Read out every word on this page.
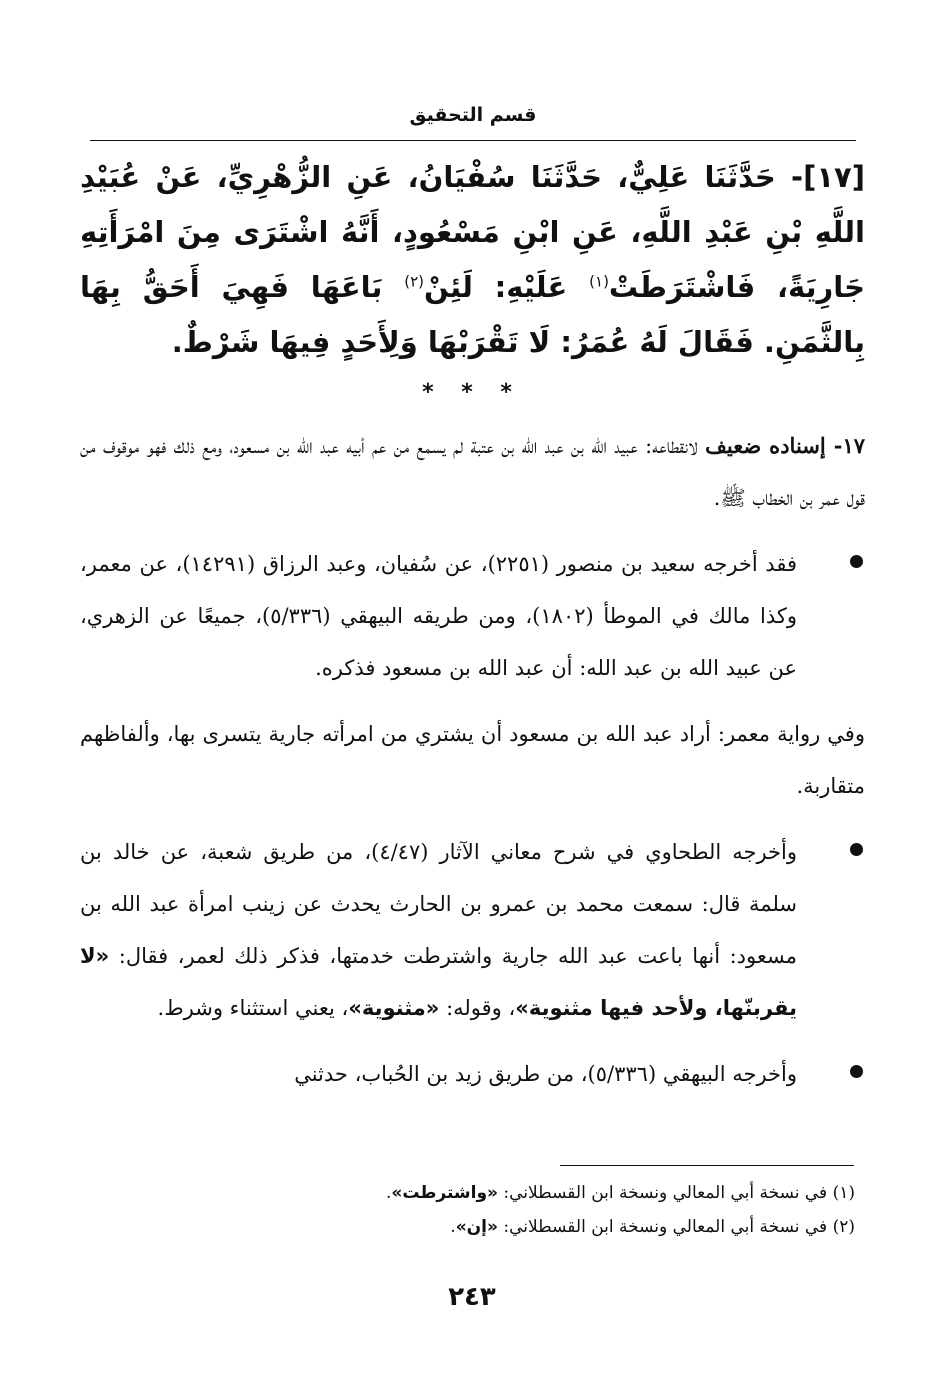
قسم التحقيق
[١٧]- حَدَّثَنَا عَلِيٌّ، حَدَّثَنَا سُفْيَانُ، عَنِ الزُّهْرِيِّ، عَنْ عُبَيْدِ اللَّهِ بْنِ عَبْدِ اللَّهِ، عَنِ ابْنِ مَسْعُودٍ، أَنَّهُ اشْتَرَى مِنَ امْرَأَتِهِ جَارِيَةً، فَاشْتَرَطَتْ$^{(١)}$ عَلَيْهِ: لَئِنْ$^{(٢)}$ بَاعَهَا فَهِيَ أَحَقُّ بِهَا بِالثَّمَنِ. فَقَالَ لَهُ عُمَرُ: لَا تَقْرَبْهَا وَلِأَحَدٍ فِيهَا شَرْطٌ.
* * *

١٧- إسناده ضعيف لانقطاعه: عبيد الله بن عبد الله بن عتبة لم يسمع من عم أبيه عبد الله بن مسعود، ومع ذلك فهو موقوف من قول عمر بن الخطاب ﷺ.

فقد أخرجه سعيد بن منصور (٢٢٥١)، عن سُفيان، وعبد الرزاق (١٤٢٩١)، عن معمر، وكذا مالك في الموطأ (١٨٠٢)، ومن طريقه البيهقي (٥/٣٣٦)، جميعًا عن الزهري، عن عبيد الله بن عبد الله: أن عبد الله بن مسعود فذكره.

وفي رواية معمر: أراد عبد الله بن مسعود أن يشتري من امرأته جارية يتسرى بها، وألفاظهم متقاربة.

وأخرجه الطحاوي في شرح معاني الآثار (٤/٤٧)، من طريق شعبة، عن خالد بن سلمة قال: سمعت محمد بن عمرو بن الحارث يحدث عن زينب امرأة عبد الله بن مسعود: أنها باعت عبد الله جارية واشترطت خدمتها، فذكر ذلك لعمر، فقال: «لا يقربنّها، ولأحد فيها مثنوية»، وقوله: «مثنوية»، يعني استثناء وشرط.
وأخرجه البيهقي (٥/٣٣٦)، من طريق زيد بن الحُباب، حدثني

(١) في نسخة أبي المعالي ونسخة ابن القسطلاني: «واشترطت».

(٢) في نسخة أبي المعالي ونسخة ابن القسطلاني: «إن».

٢٤٣
